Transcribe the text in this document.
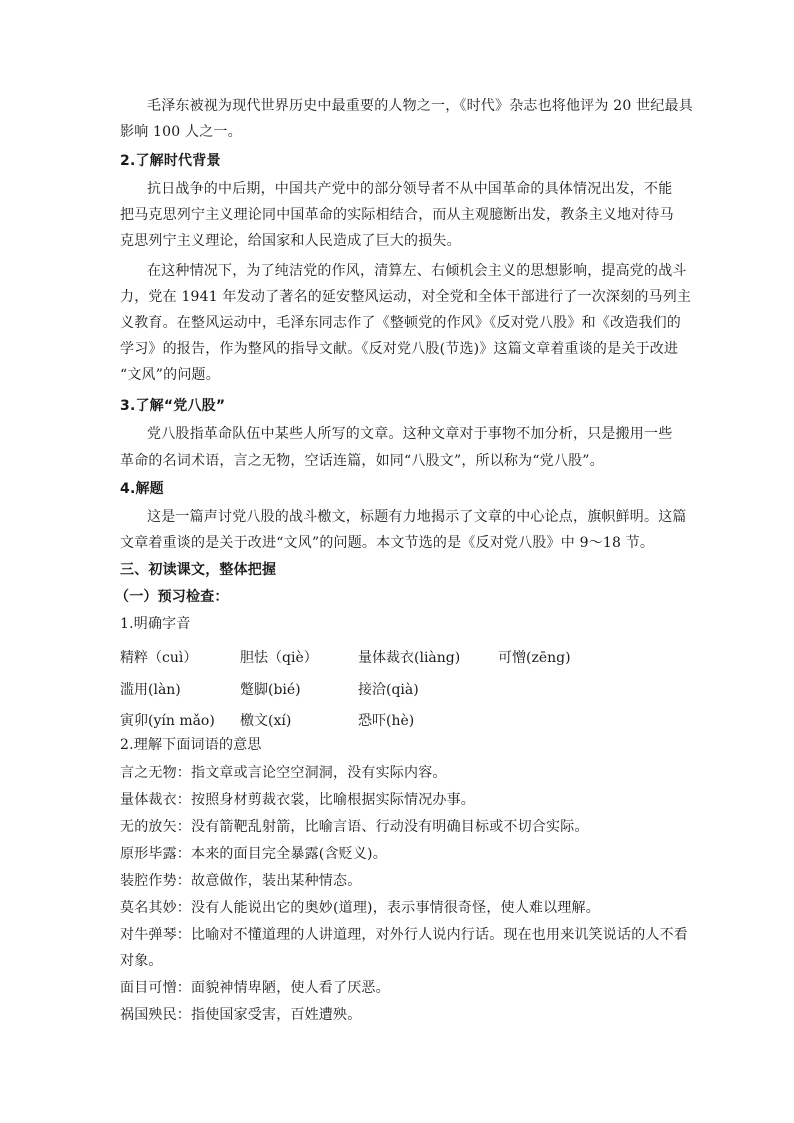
毛泽东被视为现代世界历史中最重要的人物之一，《时代》杂志也将他评为 20 世纪最具
影响 100 人之一。
2.了解时代背景
抗日战争的中后期，中国共产党中的部分领导者不从中国革命的具体情况出发，不能
把马克思列宁主义理论同中国革命的实际相结合，而从主观臆断出发，教条主义地对待马
克思列宁主义理论，给国家和人民造成了巨大的损失。
在这种情况下，为了纯洁党的作风，清算左、右倾机会主义的思想影响，提高党的战斗
力，党在 1941 年发动了著名的延安整风运动，对全党和全体干部进行了一次深刻的马列主
义教育。在整风运动中，毛泽东同志作了《整顿党的作风》《反对党八股》和《改造我们的
学习》的报告，作为整风的指导文献。《反对党八股(节选)》这篇文章着重谈的是关于改进
“文风”的问题。
3.了解“党八股”
党八股指革命队伍中某些人所写的文章。这种文章对于事物不加分析，只是搬用一些
革命的名词术语，言之无物，空话连篇，如同“八股文”，所以称为“党八股”。
4.解题
这是一篇声讨党八股的战斗檄文，标题有力地揭示了文章的中心论点，旗帜鲜明。这篇
文章着重谈的是关于改进“文风”的问题。本文节选的是《反对党八股》中 9～18 节。
三、初读课文，整体把握
（一）预习检查：
1.明确字音
精粹（cuì）	胆怯（qiè）	量体裁衣(liàng)	可憎(zēng)
滥用(làn)	蹩脚(bié)	接洽(qià)
寅卯(yín mǎo) 檄文(xí)	恐吓(hè)
2.理解下面词语的意思
言之无物：指文章或言论空空洞洞，没有实际内容。
量体裁衣：按照身材剪裁衣裳，比喻根据实际情况办事。
无的放矢：没有箭靶乱射箭，比喻言语、行动没有明确目标或不切合实际。
原形毕露：本来的面目完全暴露(含贬义)。
装腔作势：故意做作，装出某种情态。
莫名其妙：没有人能说出它的奥妙(道理)，表示事情很奇怪，使人难以理解。
对牛弹琴：比喻对不懂道理的人讲道理，对外行人说内行话。现在也用来讥笑说话的人不看
对象。
面目可憎：面貌神情卑陋，使人看了厌恶。
祸国殃民：指使国家受害，百姓遭殃。
